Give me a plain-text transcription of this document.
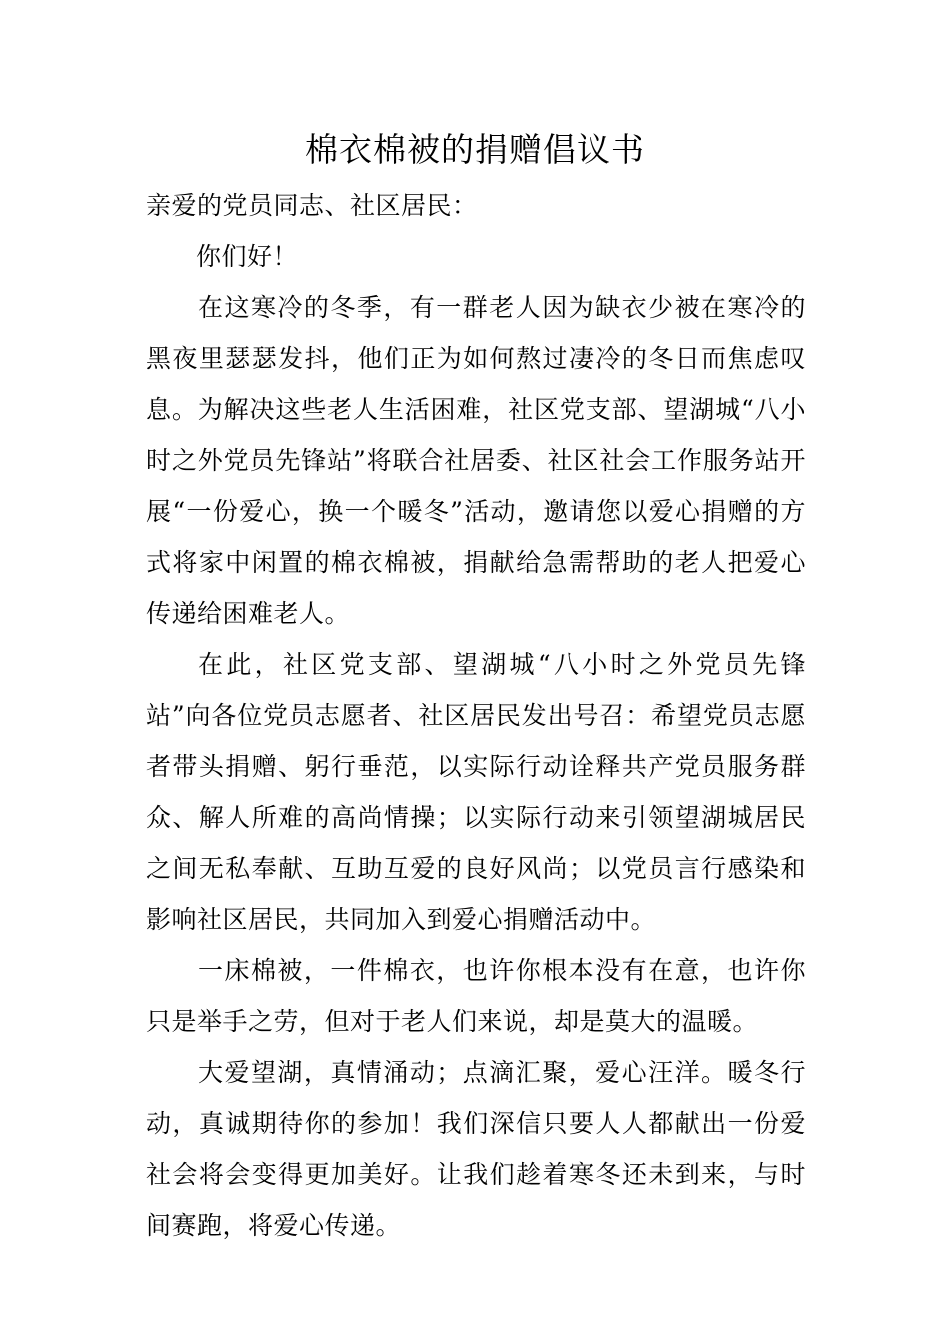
棉衣棉被的捐赠倡议书

亲爱的党员同志、社区居民：

你们好！

在这寒冷的冬季，有一群老人因为缺衣少被在寒冷的黑夜里瑟瑟发抖，他们正为如何熬过凄冷的冬日而焦虑叹息。为解决这些老人生活困难，社区党支部、望湖城“八小时之外党员先锋站”将联合社居委、社区社会工作服务站开展“一份爱心，换一个暖冬”活动，邀请您以爱心捐赠的方式将家中闲置的棉衣棉被，捐献给急需帮助的老人把爱心传递给困难老人。

在此，社区党支部、望湖城“八小时之外党员先锋站”向各位党员志愿者、社区居民发出号召：希望党员志愿者带头捐赠、躬行垂范，以实际行动诠释共产党员服务群众、解人所难的高尚情操；以实际行动来引领望湖城居民之间无私奉献、互助互爱的良好风尚；以党员言行感染和影响社区居民，共同加入到爱心捐赠活动中。

一床棉被，一件棉衣，也许你根本没有在意，也许你只是举手之劳，但对于老人们来说，却是莫大的温暖。

大爱望湖，真情涌动；点滴汇聚，爱心汪洋。暖冬行动，真诚期待你的参加！我们深信只要人人都献出一份爱社会将会变得更加美好。让我们趁着寒冬还未到来，与时间赛跑，将爱心传递。
